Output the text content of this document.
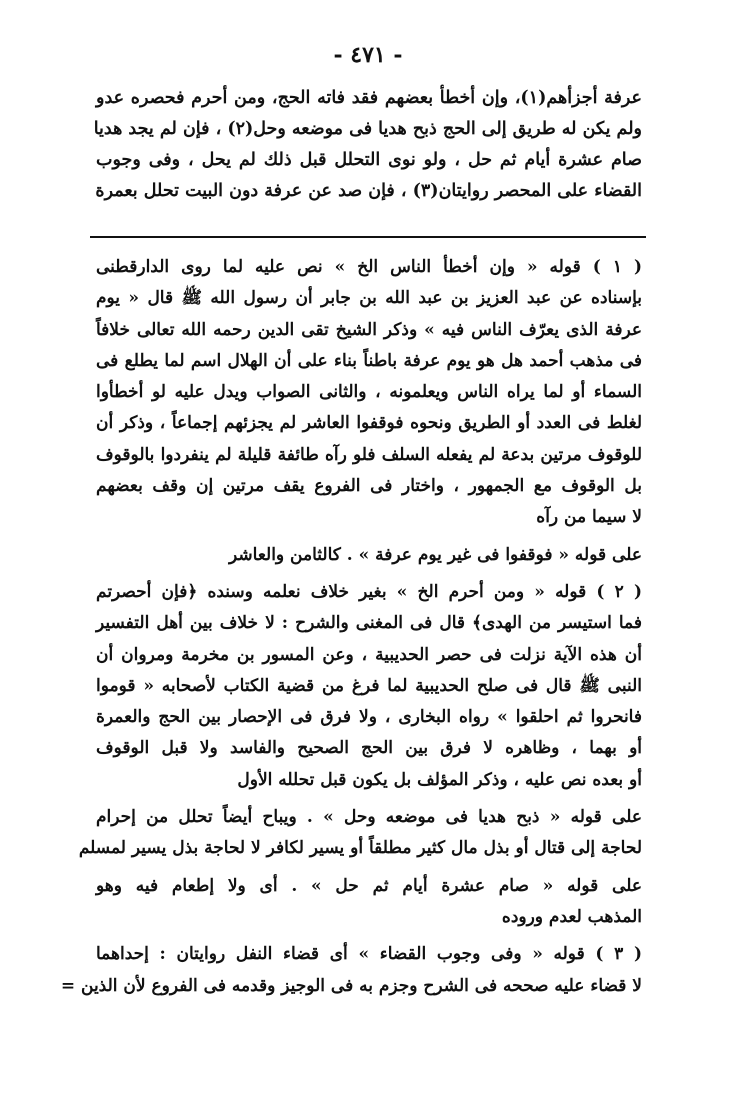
- ٤٧١ -
عرفة أجزأهم(١)، وإن أخطأ بعضهم فقد فاته الحج، ومن أحرم فحصره عدو
ولم يكن له طريق إلى الحج ذبح هديا فى موضعه وحل(٢) ، فإن لم يجد هديا
صام عشرة أيام ثم حل ، ولو نوى التحلل قبل ذلك لم يحل ، وفى وجوب
القضاء على المحصر روايتان(٣) ، فإن صد عن عرفة دون البيت تحلل بعمرة
( ١ ) قوله « وإن أخطأ الناس الخ » نص عليه لما روى الدارقطنى
بإسناده عن عبد العزيز بن عبد الله بن جابر أن رسول الله ﷺ قال « يوم
عرفة الذى يعرّف الناس فيه » وذكر الشيخ تقى الدين رحمه الله تعالى خلافاً
فى مذهب أحمد هل هو يوم عرفة باطناً بناء على أن الهلال اسم لما يطلع فى
السماء أو لما يراه الناس ويعلمونه ، والثانى الصواب ويدل عليه لو أخطأوا
لغلط فى العدد أو الطريق ونحوه فوقفوا العاشر لم يجزئهم إجماعاً ، وذكر أن
للوقوف مرتين بدعة لم يفعله السلف فلو رآه طائفة قليلة لم ينفردوا بالوقوف
بل الوقوف مع الجمهور ، واختار فى الفروع يقف مرتين إن وقف بعضهم
لا سيما من رآه
على قوله « فوقفوا فى غير يوم عرفة » . كالثامن والعاشر
( ٢ ) قوله « ومن أحرم الخ » بغير خلاف نعلمه وسنده ﴿فإن أحصرتم
فما استيسر من الهدى﴾ قال فى المغنى والشرح : لا خلاف بين أهل التفسير
أن هذه الآية نزلت فى حصر الحديبية ، وعن المسور بن مخرمة ومروان أن
النبى ﷺ قال فى صلح الحديبية لما فرغ من قضية الكتاب لأصحابه « قوموا
فانحروا ثم احلقوا » رواه البخارى ، ولا فرق فى الإحصار بين الحج والعمرة
أو بهما ، وظاهره لا فرق بين الحج الصحيح والفاسد ولا قبل الوقوف
أو بعده نص عليه ، وذكر المؤلف بل يكون قبل تحلله الأول
على قوله « ذبح هديا فى موضعه وحل » . ويباح أيضاً تحلل من إحرام
لحاجة إلى قتال أو بذل مال كثير مطلقاً أو يسير لكافر لا لحاجة بذل يسير لمسلم
على قوله « صام عشرة أيام ثم حل » . أى ولا إطعام فيه وهو
المذهب لعدم وروده
( ٣ ) قوله « وفى وجوب القضاء » أى قضاء النفل روايتان : إحداهما
لا قضاء عليه صححه فى الشرح وجزم به فى الوجيز وقدمه فى الفروع لأن الذين =
